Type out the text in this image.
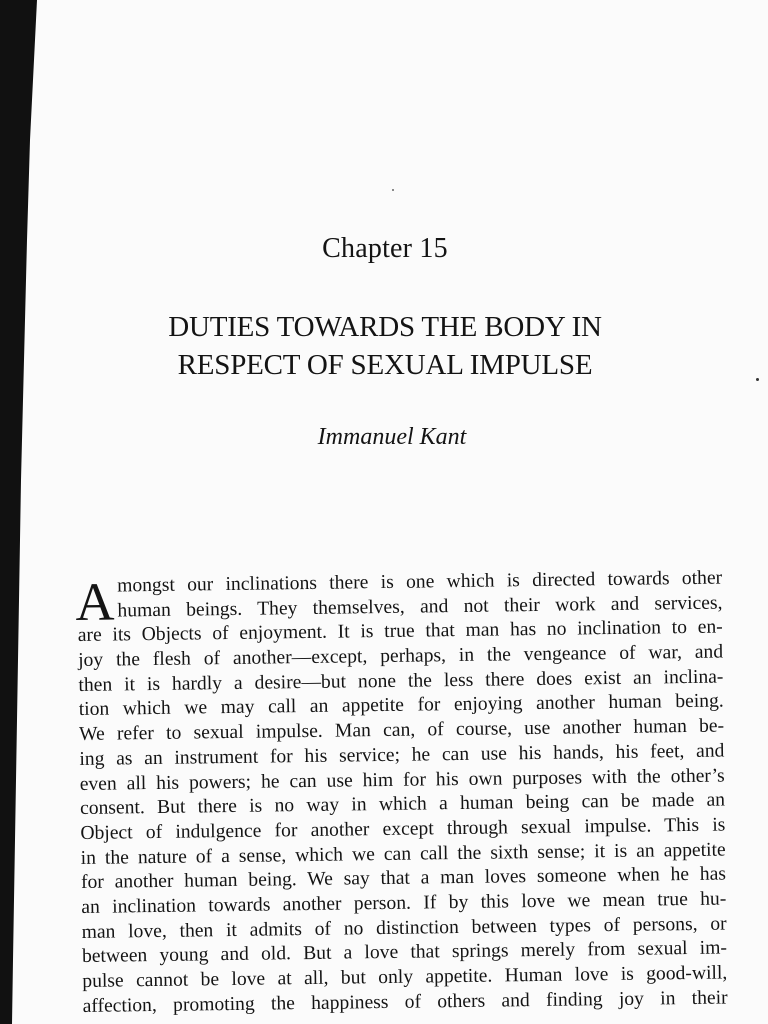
Chapter 15
DUTIES TOWARDS THE BODY IN
RESPECT OF SEXUAL IMPULSE
Immanuel Kant
A mongst our inclinations there is one which is directed towards other
human beings. They themselves, and not their work and services,
are its Objects of enjoyment. It is true that man has no inclination to en-
joy the flesh of another—except, perhaps, in the vengeance of war, and
then it is hardly a desire—but none the less there does exist an inclina-
tion which we may call an appetite for enjoying another human being.
We refer to sexual impulse. Man can, of course, use another human be-
ing as an instrument for his service; he can use his hands, his feet, and
even all his powers; he can use him for his own purposes with the other’s
consent. But there is no way in which a human being can be made an
Object of indulgence for another except through sexual impulse. This is
in the nature of a sense, which we can call the sixth sense; it is an appetite
for another human being. We say that a man loves someone when he has
an inclination towards another person. If by this love we mean true hu-
man love, then it admits of no distinction between types of persons, or
between young and old. But a love that springs merely from sexual im-
pulse cannot be love at all, but only appetite. Human love is good-will,
affection, promoting the happiness of others and finding joy in their
